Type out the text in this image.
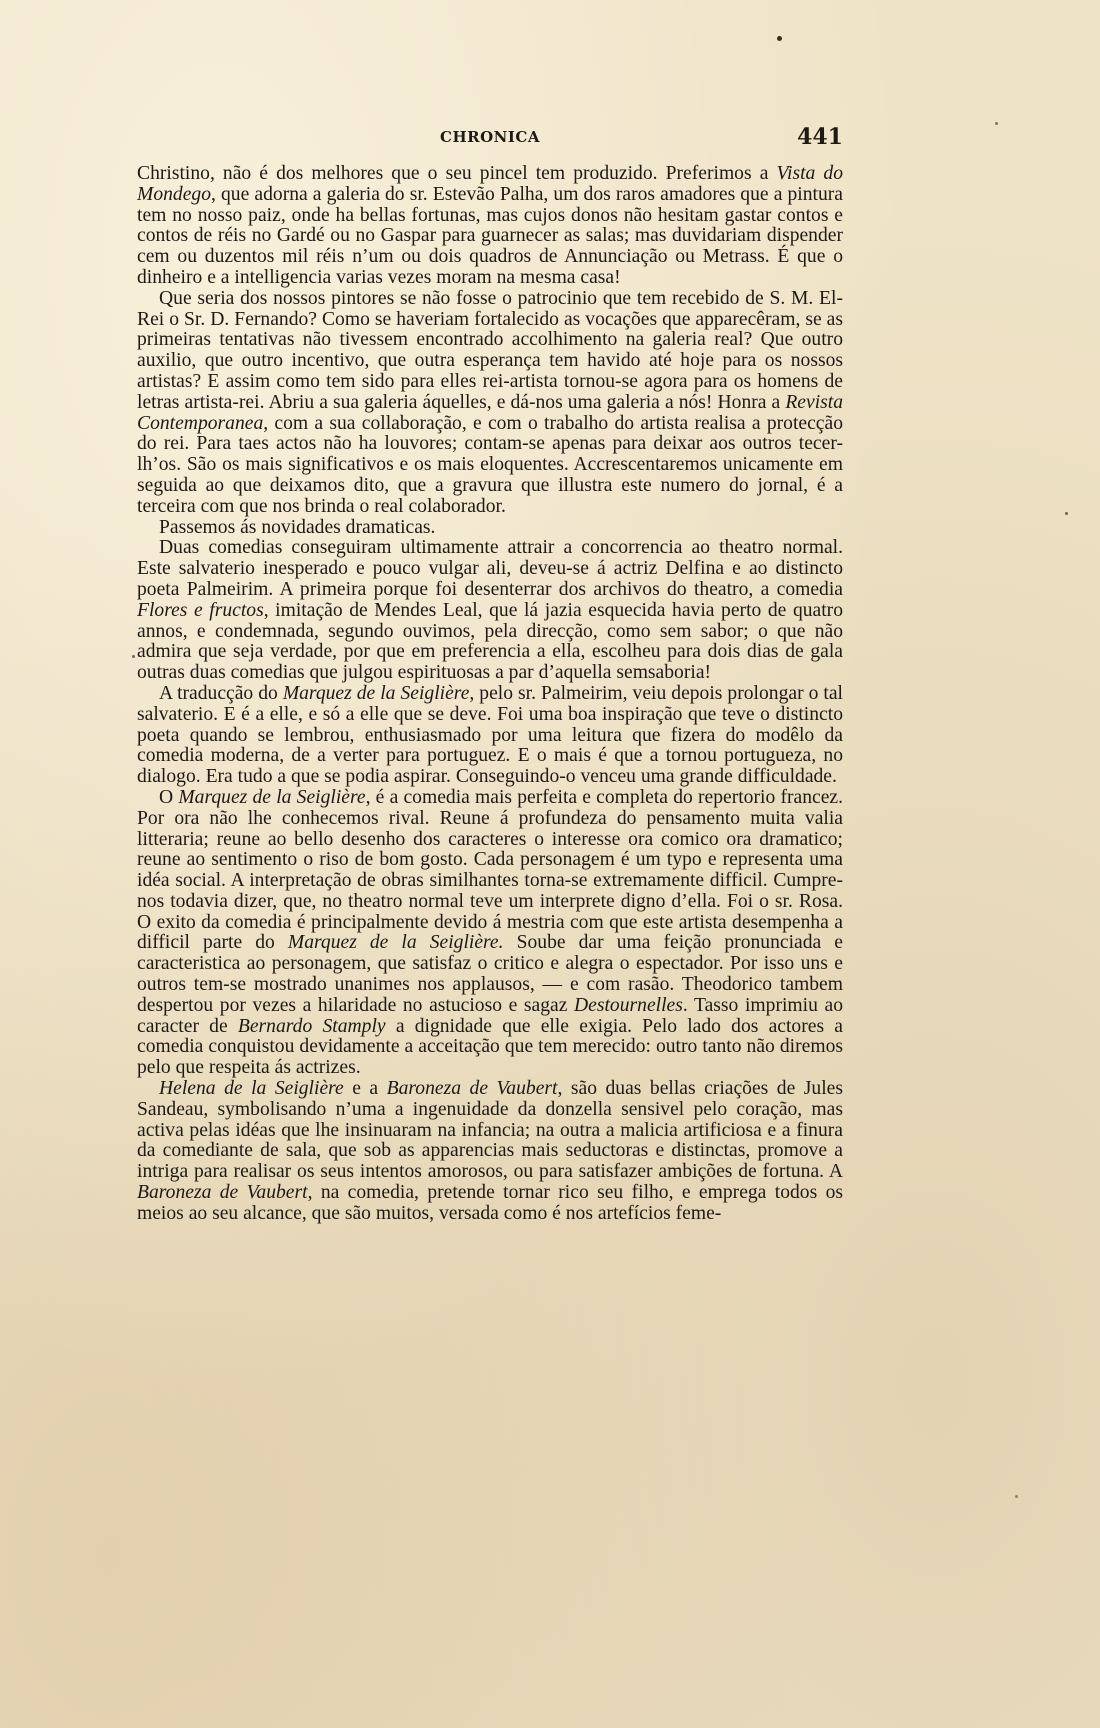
CHRONICA	441

Christino, não é dos melhores que o seu pincel tem produzido. Preferimos a Vista do Mondego, que adorna a galeria do sr. Estevão Palha, um dos raros amadores que a pintura tem no nosso paiz, onde ha bellas fortunas, mas cujos donos não hesitam gastar contos e contos de réis no Gardé ou no Gaspar para guarnecer as salas; mas duvidariam dispender cem ou duzentos mil réis n’um ou dois quadros de Annunciação ou Metrass. É que o dinheiro e a intelligencia varias vezes moram na mesma casa!

Que seria dos nossos pintores se não fosse o patrocinio que tem recebido de S. M. El-Rei o Sr. D. Fernando? Como se haveriam fortalecido as vocações que apparecêram, se as primeiras tentativas não tivessem encontrado accolhimento na galeria real? Que outro auxilio, que outro incentivo, que outra esperança tem havido até hoje para os nossos artistas? E assim como tem sido para elles rei-artista tornou-se agora para os homens de letras artista-rei. Abriu a sua galeria áquelles, e dá-nos uma galeria a nós! Honra a Revista Contemporanea, com a sua collaboração, e com o trabalho do artista realisa a protecção do rei. Para taes actos não ha louvores; contam-se apenas para deixar aos outros tecer-lh’os. São os mais significativos e os mais eloquentes. Accrescentaremos unicamente em seguida ao que deixamos dito, que a gravura que illustra este numero do jornal, é a terceira com que nos brinda o real colaborador.

Passemos ás novidades dramaticas.

Duas comedias conseguiram ultimamente attrair a concorrencia ao theatro normal. Este salvaterio inesperado e pouco vulgar ali, deveu-se á actriz Delfina e ao distincto poeta Palmeirim. A primeira porque foi desenterrar dos archivos do theatro, a comedia Flores e fructos, imitação de Mendes Leal, que lá jazia esquecida havia perto de quatro annos, e condemnada, segundo ouvimos, pela direcção, como sem sabor; o que não admira que seja verdade, por que em preferencia a ella, escolheu para dois dias de gala outras duas comedias que julgou espirituosas a par d’aquella semsaboria!

A traducção do Marquez de la Seiglière, pelo sr. Palmeirim, veiu depois prolongar o tal salvaterio. E é a elle, e só a elle que se deve. Foi uma boa inspiração que teve o distincto poeta quando se lembrou, enthusiasmado por uma leitura que fizera do modêlo da comedia moderna, de a verter para portuguez. E o mais é que a tornou portugueza, no dialogo. Era tudo a que se podia aspirar. Conseguindo-o venceu uma grande difficuldade.

O Marquez de la Seiglière, é a comedia mais perfeita e completa do repertorio francez. Por ora não lhe conhecemos rival. Reune á profundeza do pensamento muita valia litteraria; reune ao bello desenho dos caracteres o interesse ora comico ora dramatico; reune ao sentimento o riso de bom gosto. Cada personagem é um typo e representa uma idéa social. A interpretação de obras similhantes torna-se extremamente difficil. Cumpre-nos todavia dizer, que, no theatro normal teve um interprete digno d’ella. Foi o sr. Rosa. O exito da comedia é principalmente devido á mestria com que este artista desempenha a difficil parte do Marquez de la Seiglière. Soube dar uma feição pronunciada e caracteristica ao personagem, que satisfaz o critico e alegra o espectador. Por isso uns e outros tem-se mostrado unanimes nos applausos, — e com rasão. Theodorico tambem despertou por vezes a hilaridade no astucioso e sagaz Destournelles. Tasso imprimiu ao caracter de Bernardo Stamply a dignidade que elle exigia. Pelo lado dos actores a comedia conquistou devidamente a acceitação que tem merecido: outro tanto não diremos pelo que respeita ás actrizes.

Helena de la Seiglière e a Baroneza de Vaubert, são duas bellas criações de Jules Sandeau, symbolisando n’uma a ingenuidade da donzella sensivel pelo coração, mas activa pelas idéas que lhe insinuaram na infancia; na outra a malicia artificiosa e a finura da comediante de sala, que sob as apparencias mais seductoras e distinctas, promove a intriga para realisar os seus intentos amorosos, ou para satisfazer ambições de fortuna. A Baroneza de Vaubert, na comedia, pretende tornar rico seu filho, e emprega todos os meios ao seu alcance, que são muitos, versada como é nos artefícios feme-
